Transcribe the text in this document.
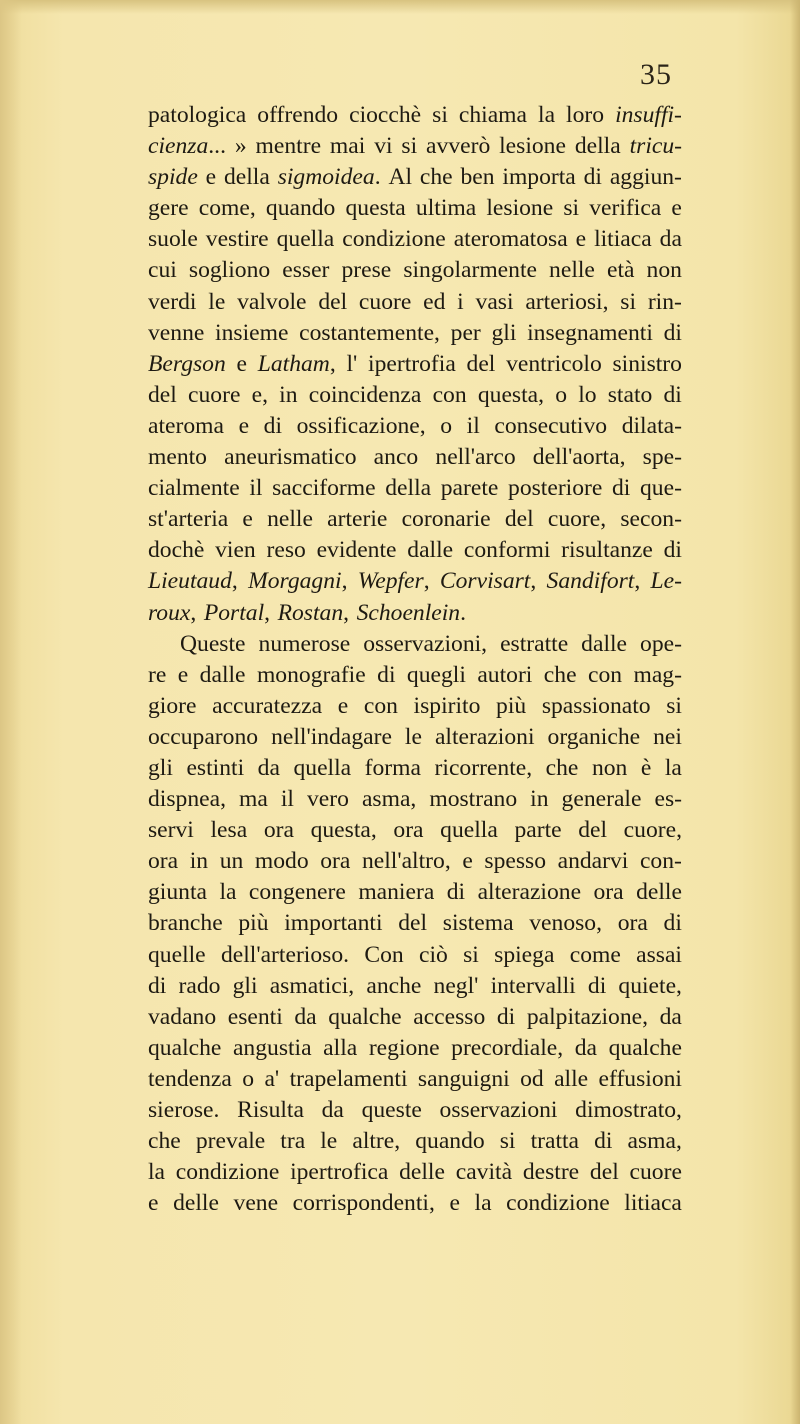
35
patologica offrendo ciocchè si chiama la loro insuffi-
cienza... » mentre mai vi si avverò lesione della tricu-
spide e della sigmoidea. Al che ben importa di aggiun-
gere come, quando questa ultima lesione si verifica e
suole vestire quella condizione ateromatosa e litiaca da
cui sogliono esser prese singolarmente nelle età non
verdi le valvole del cuore ed i vasi arteriosi, si rin-
venne insieme costantemente, per gli insegnamenti di
Bergson e Latham, l' ipertrofia del ventricolo sinistro
del cuore e, in coincidenza con questa, o lo stato di
ateroma e di ossificazione, o il consecutivo dilata-
mento aneurismatico anco nell'arco dell'aorta, spe-
cialmente il sacciforme della parete posteriore di que-
st'arteria e nelle arterie coronarie del cuore, secon-
dochè vien reso evidente dalle conformi risultanze di
Lieutaud, Morgagni, Wepfer, Corvisart, Sandifort, Le-
roux, Portal, Rostan, Schoenlein.
Queste numerose osservazioni, estratte dalle ope-
re e dalle monografie di quegli autori che con mag-
giore accuratezza e con ispirito più spassionato si
occuparono nell'indagare le alterazioni organiche nei
gli estinti da quella forma ricorrente, che non è la
dispnea, ma il vero asma, mostrano in generale es-
servi lesa ora questa, ora quella parte del cuore,
ora in un modo ora nell'altro, e spesso andarvi con-
giunta la congenere maniera di alterazione ora delle
branche più importanti del sistema venoso, ora di
quelle dell'arterioso. Con ciò si spiega come assai
di rado gli asmatici, anche negl' intervalli di quiete,
vadano esenti da qualche accesso di palpitazione, da
qualche angustia alla regione precordiale, da qualche
tendenza o a' trapelamenti sanguigni od alle effusioni
sierose. Risulta da queste osservazioni dimostrato,
che prevale tra le altre, quando si tratta di asma,
la condizione ipertrofica delle cavità destre del cuore
e delle vene corrispondenti, e la condizione litiaca
